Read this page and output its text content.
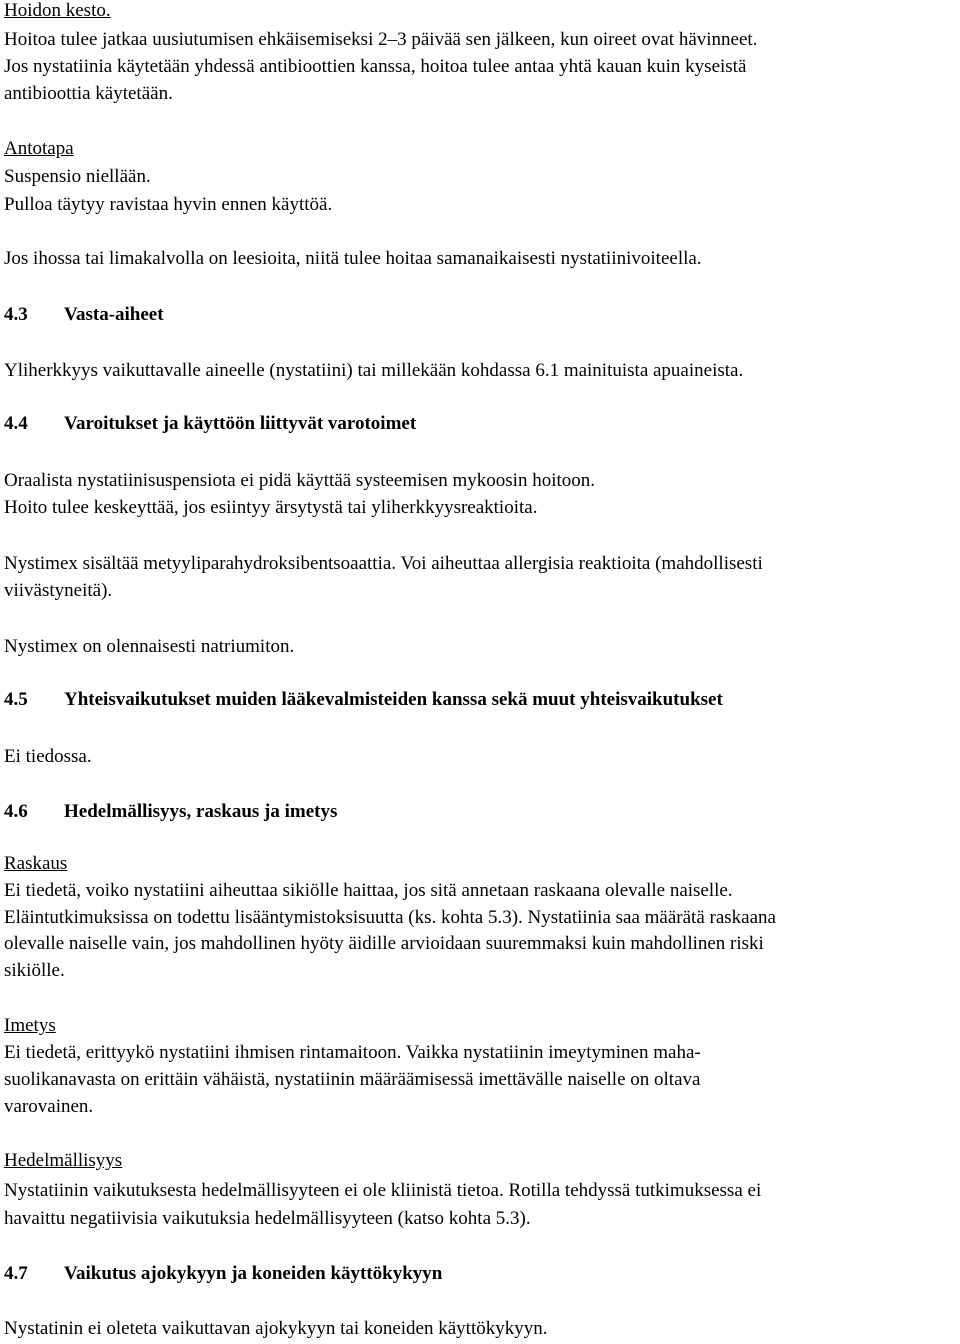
Hoidon kesto.
Hoitoa tulee jatkaa uusiutumisen ehkäisemiseksi 2–3 päivää sen jälkeen, kun oireet ovat hävinneet.
Jos nystatiinia käytetään yhdessä antibioottien kanssa, hoitoa tulee antaa yhtä kauan kuin kyseistä
antibioottia käytetään.
Antotapa
Suspensio niellään.
Pulloa täytyy ravistaa hyvin ennen käyttöä.
Jos ihossa tai limakalvolla on leesioita, niitä tulee hoitaa samanaikaisesti nystatiinivoiteella.
4.3 Vasta-aiheet
Yliherkkyys vaikuttavalle aineelle (nystatiini) tai millekään kohdassa 6.1 mainituista apuaineista.
4.4 Varoitukset ja käyttöön liittyvät varotoimet
Oraalista nystatiinisuspensiota ei pidä käyttää systeemisen mykoosin hoitoon.
Hoito tulee keskeyttää, jos esiintyy ärsytystä tai yliherkkyysreaktioita.
Nystimex sisältää metyyliparahydroksibentsoaattia. Voi aiheuttaa allergisia reaktioita (mahdollisesti
viivästyneitä).
Nystimex on olennaisesti natriumiton.
4.5 Yhteisvaikutukset muiden lääkevalmisteiden kanssa sekä muut yhteisvaikutukset
Ei tiedossa.
4.6 Hedelmällisyys, raskaus ja imetys
Raskaus
Ei tiedetä, voiko nystatiini aiheuttaa sikiölle haittaa, jos sitä annetaan raskaana olevalle naiselle.
Eläintutkimuksissa on todettu lisääntymistoksisuutta (ks. kohta 5.3). Nystatiinia saa määrätä raskaana
olevalle naiselle vain, jos mahdollinen hyöty äidille arvioidaan suuremmaksi kuin mahdollinen riski
sikiölle.
Imetys
Ei tiedetä, erittyykö nystatiini ihmisen rintamaitoon. Vaikka nystatiinin imeytyminen maha-
suolikanavasta on erittäin vähäistä, nystatiinin määräämisessä imettävälle naiselle on oltava
varovainen.
Hedelmällisyys
Nystatiinin vaikutuksesta hedelmällisyyteen ei ole kliinistä tietoa. Rotilla tehdyssä tutkimuksessa ei
havaittu negatiivisia vaikutuksia hedelmällisyyteen (katso kohta 5.3).
4.7 Vaikutus ajokykyyn ja koneiden käyttökykyyn
Nystatinin ei oleteta vaikuttavan ajokykyyn tai koneiden käyttökykyyn.
